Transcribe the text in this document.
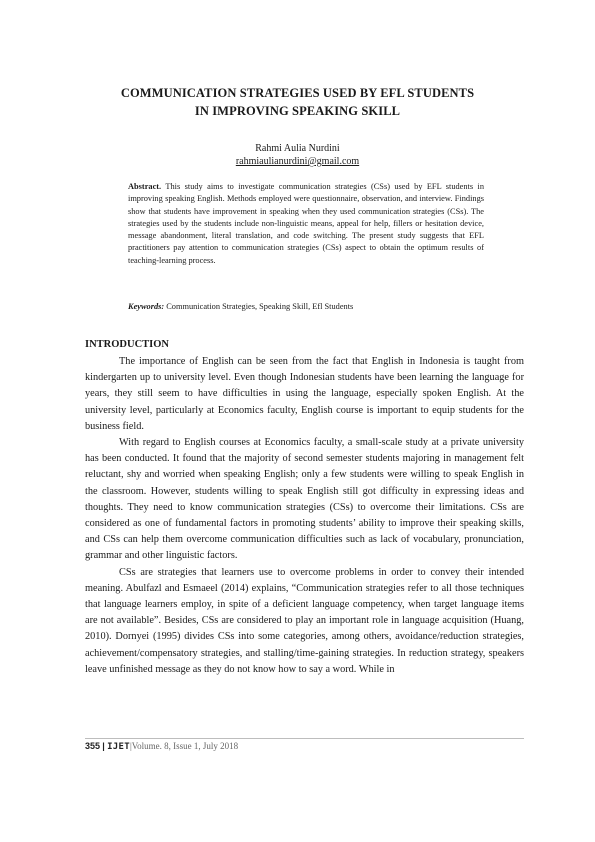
COMMUNICATION STRATEGIES USED BY EFL STUDENTS
IN IMPROVING SPEAKING SKILL
Rahmi Aulia Nurdini
rahmiaulianurdini@gmail.com

Abstract. This study aims to investigate communication strategies (CSs) used by EFL students in improving speaking English. Methods employed were questionnaire, observation, and interview. Findings show that students have improvement in speaking when they used communication strategies (CSs). The strategies used by the students include non-linguistic means, appeal for help, fillers or hesitation device, message abandonment, literal translation, and code switching. The present study suggests that EFL practitioners pay attention to communication strategies (CSs) aspect to obtain the optimum results of teaching-learning process.

Keywords: Communication Strategies, Speaking Skill, Efl Students

INTRODUCTION

The importance of English can be seen from the fact that English in Indonesia is taught from kindergarten up to university level. Even though Indonesian students have been learning the language for years, they still seem to have difficulties in using the language, especially spoken English. At the university level, particularly at Economics faculty, English course is important to equip students for the business field.

With regard to English courses at Economics faculty, a small-scale study at a private university has been conducted. It found that the majority of second semester students majoring in management felt reluctant, shy and worried when speaking English; only a few students were willing to speak English in the classroom. However, students willing to speak English still got difficulty in expressing ideas and thoughts. They need to know communication strategies (CSs) to overcome their limitations. CSs are considered as one of fundamental factors in promoting students’ ability to improve their speaking skills, and CSs can help them overcome communication difficulties such as lack of vocabulary, pronunciation, grammar and other linguistic factors.

CSs are strategies that learners use to overcome problems in order to convey their intended meaning. Abulfazl and Esmaeel (2014) explains, “Communication strategies refer to all those techniques that language learners employ, in spite of a deficient language competency, when target language items are not available”. Besides, CSs are considered to play an important role in language acquisition (Huang, 2010). Dornyei (1995) divides CSs into some categories, among others, avoidance/reduction strategies, achievement/compensatory strategies, and stalling/time-gaining strategies. In reduction strategy, speakers leave unfinished message as they do not know how to say a word. While in

355 | IJET|Volume. 8, Issue 1, July 2018
